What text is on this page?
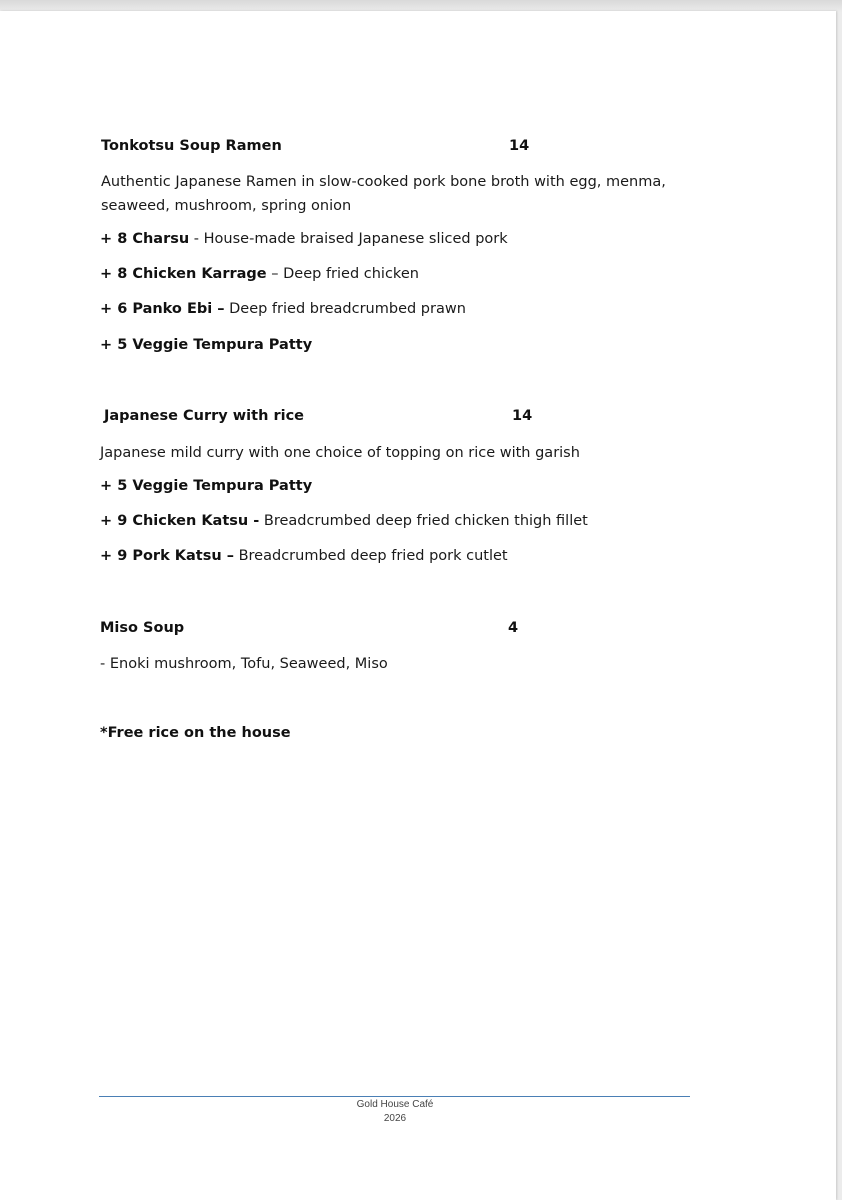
Tonkotsu Soup Ramen	14
Authentic Japanese Ramen in slow-cooked pork bone broth with egg, menma, seaweed, mushroom, spring onion
+ 8 Charsu - House-made braised Japanese sliced pork
+ 8 Chicken Karrage – Deep fried chicken
+ 6 Panko Ebi – Deep fried breadcrumbed prawn
+ 5 Veggie Tempura Patty
Japanese Curry with rice	14
Japanese mild curry with one choice of topping on rice with garish
+ 5 Veggie Tempura Patty
+ 9 Chicken Katsu - Breadcrumbed deep fried chicken thigh fillet
+ 9 Pork Katsu – Breadcrumbed deep fried pork cutlet
Miso Soup	4
- Enoki mushroom, Tofu, Seaweed, Miso
*Free rice on the house
Gold House Café
2026
